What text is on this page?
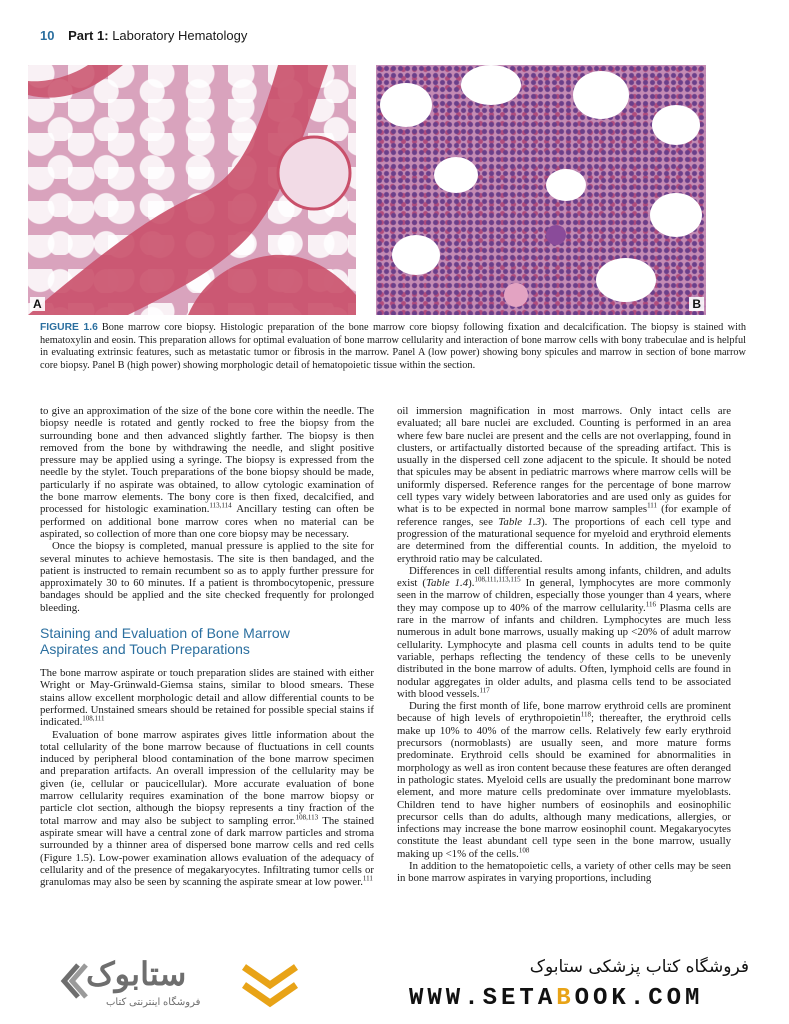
10 Part 1: Laboratory Hematology
A	B
FIGURE 1.6 Bone marrow core biopsy. Histologic preparation of the bone marrow core biopsy following fixation and decalcification. The biopsy is stained with hematoxylin and eosin. This preparation allows for optimal evaluation of bone marrow cellularity and interaction of bone marrow cells with bony trabeculae and is helpful in evaluating extrinsic features, such as metastatic tumor or fibrosis in the marrow. Panel A (low power) showing bony spicules and marrow in section of bone marrow core biopsy. Panel B (high power) showing morphologic detail of hematopoietic tissue within the section.

to give an approximation of the size of the bone core within the needle. The biopsy needle is rotated and gently rocked to free the biopsy from the surrounding bone and then advanced slightly farther. The biopsy is then removed from the bone by withdrawing the needle, and slight positive pressure may be applied using a syringe. The biopsy is expressed from the needle by the stylet. Touch preparations of the bone biopsy should be made, particularly if no aspirate was obtained, to allow cytologic examination of the bone marrow elements. The bony core is then fixed, decalcified, and processed for histologic examination.$^{113,114}$ Ancillary testing can often be performed on additional bone marrow cores when no material can be aspirated, so collection of more than one core biopsy may be necessary.

Once the biopsy is completed, manual pressure is applied to the site for several minutes to achieve hemostasis. The site is then bandaged, and the patient is instructed to remain recumbent so as to apply further pressure for approximately 30 to 60 minutes. If a patient is thrombocytopenic, pressure bandages should be applied and the site checked frequently for prolonged bleeding.

Staining and Evaluation of Bone Marrow
Aspirates and Touch Preparations

The bone marrow aspirate or touch preparation slides are stained with either Wright or May-Grünwald-Giemsa stains, similar to blood smears. These stains allow excellent morphologic detail and allow differential counts to be performed. Unstained smears should be retained for possible special stains if indicated.$^{108,111}$

Evaluation of bone marrow aspirates gives little information about the total cellularity of the bone marrow because of fluctuations in cell counts induced by peripheral blood contamination of the bone marrow specimen and preparation artifacts. An overall impression of the cellularity may be given (ie, cellular or paucicellular). More accurate evaluation of bone marrow cellularity requires examination of the bone marrow biopsy or particle clot section, although the biopsy represents a tiny fraction of the total marrow and may also be subject to sampling error.$^{108,113}$ The stained aspirate smear will have a central zone of dark marrow particles and stroma surrounded by a thinner area of dispersed bone marrow cells and red cells (Figure 1.5). Low-power examination allows evaluation of the adequacy of cellularity and of the presence of megakaryocytes. Infiltrating tumor cells or granulomas may also be seen by scanning the aspirate smear at low power.$^{111}$

oil immersion magnification in most marrows. Only intact cells are evaluated; all bare nuclei are excluded. Counting is performed in an area where few bare nuclei are present and the cells are not overlapping, found in clusters, or artifactually distorted because of the spreading artifact. This is usually in the dispersed cell zone adjacent to the spicule. It should be noted that spicules may be absent in pediatric marrows where marrow cells will be uniformly dispersed. Reference ranges for the percentage of bone marrow cell types vary widely between laboratories and are used only as guides for what is to be expected in normal bone marrow samples$^{111}$ (for example of reference ranges, see Table 1.3). The proportions of each cell type and progression of the maturational sequence for myeloid and erythroid elements are determined from the differential counts. In addition, the myeloid to erythroid ratio may be calculated.

Differences in cell differential results among infants, children, and adults exist (Table 1.4).$^{108,111,113,115}$ In general, lymphocytes are more commonly seen in the marrow of children, especially those younger than 4 years, where they may compose up to 40% of the marrow cellularity.$^{116}$ Plasma cells are rare in the marrow of infants and children. Lymphocytes are much less numerous in adult bone marrows, usually making up <20% of adult marrow cellularity. Lymphocyte and plasma cell counts in adults tend to be quite variable, perhaps reflecting the tendency of these cells to be unevenly distributed in the bone marrow of adults. Often, lymphoid cells are found in nodular aggregates in older adults, and plasma cells tend to be associated with blood vessels.$^{117}$

During the first month of life, bone marrow erythroid cells are prominent because of high levels of erythropoietin$^{118}$; thereafter, the erythroid cells make up 10% to 40% of the marrow cells. Relatively few early erythroid precursors (normoblasts) are usually seen, and more mature forms predominate. Erythroid cells should be examined for abnormalities in morphology as well as iron content because these features are often deranged in pathologic states. Myeloid cells are usually the predominant bone marrow element, and more mature cells predominate over immature myeloblasts. Children tend to have higher numbers of eosinophils and eosinophilic precursor cells than do adults, although many medications, allergies, or infections may increase the bone marrow eosinophil count. Megakaryocytes constitute the least abundant cell type seen in the bone marrow, usually making up <1% of the cells.$^{108}$

In addition to the hematopoietic cells, a variety of other cells may be seen in bone marrow aspirates in varying proportions, including

ستابوک
فروشگاه اینترنتی کتاب
فروشگاه کتاب پزشکی ستابوک
WWW.SETABOOK.COM
